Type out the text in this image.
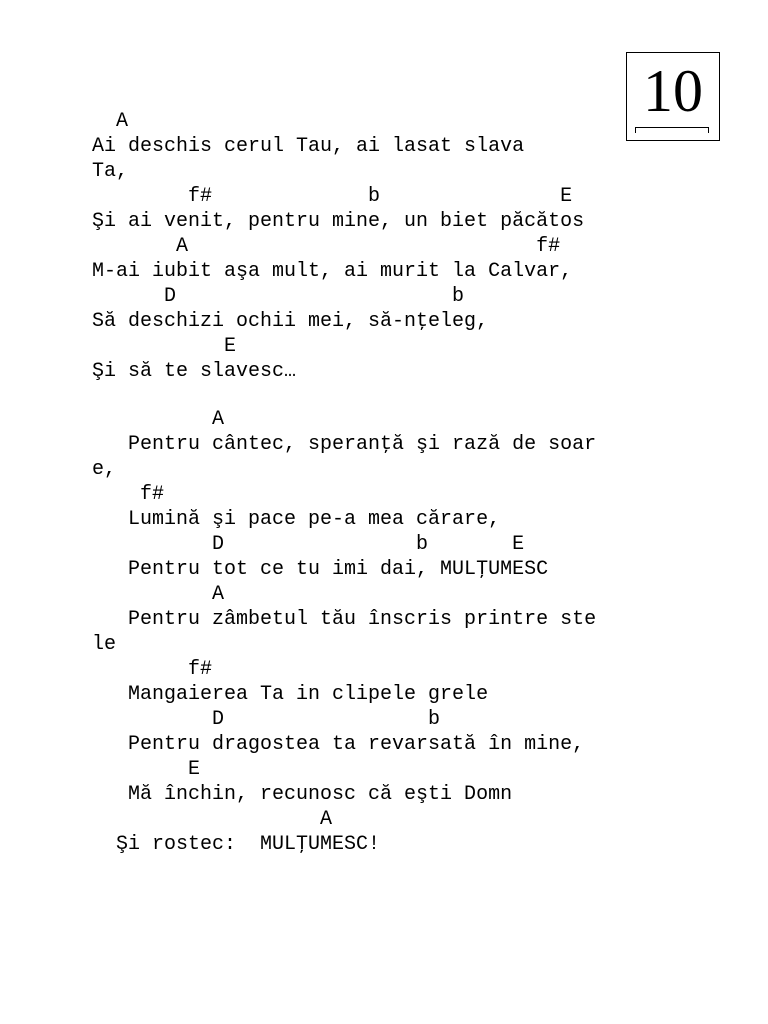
10
A
Ai deschis cerul Tau, ai lasat slava
Ta,
f#             b               E
Şi ai venit, pentru mine, un biet păcătos
A                             f#
M-ai iubit aşa mult, ai murit la Calvar,
D                       b
Să deschizi ochii mei, să-nţeleg,
E
Şi să te slavesc…
A
Pentru cântec, speranţă şi rază de soar
e,
f#
Lumină şi pace pe-a mea cărare,
D                b       E
Pentru tot ce tu imi dai, MULŢUMESC
A
Pentru zâmbetul tău înscris printre ste
le
f#
Mangaierea Ta in clipele grele
D                 b
Pentru dragostea ta revarsată în mine,
E
Mă închin, recunosc că eşti Domn
A
Şi rostec:  MULŢUMESC!
